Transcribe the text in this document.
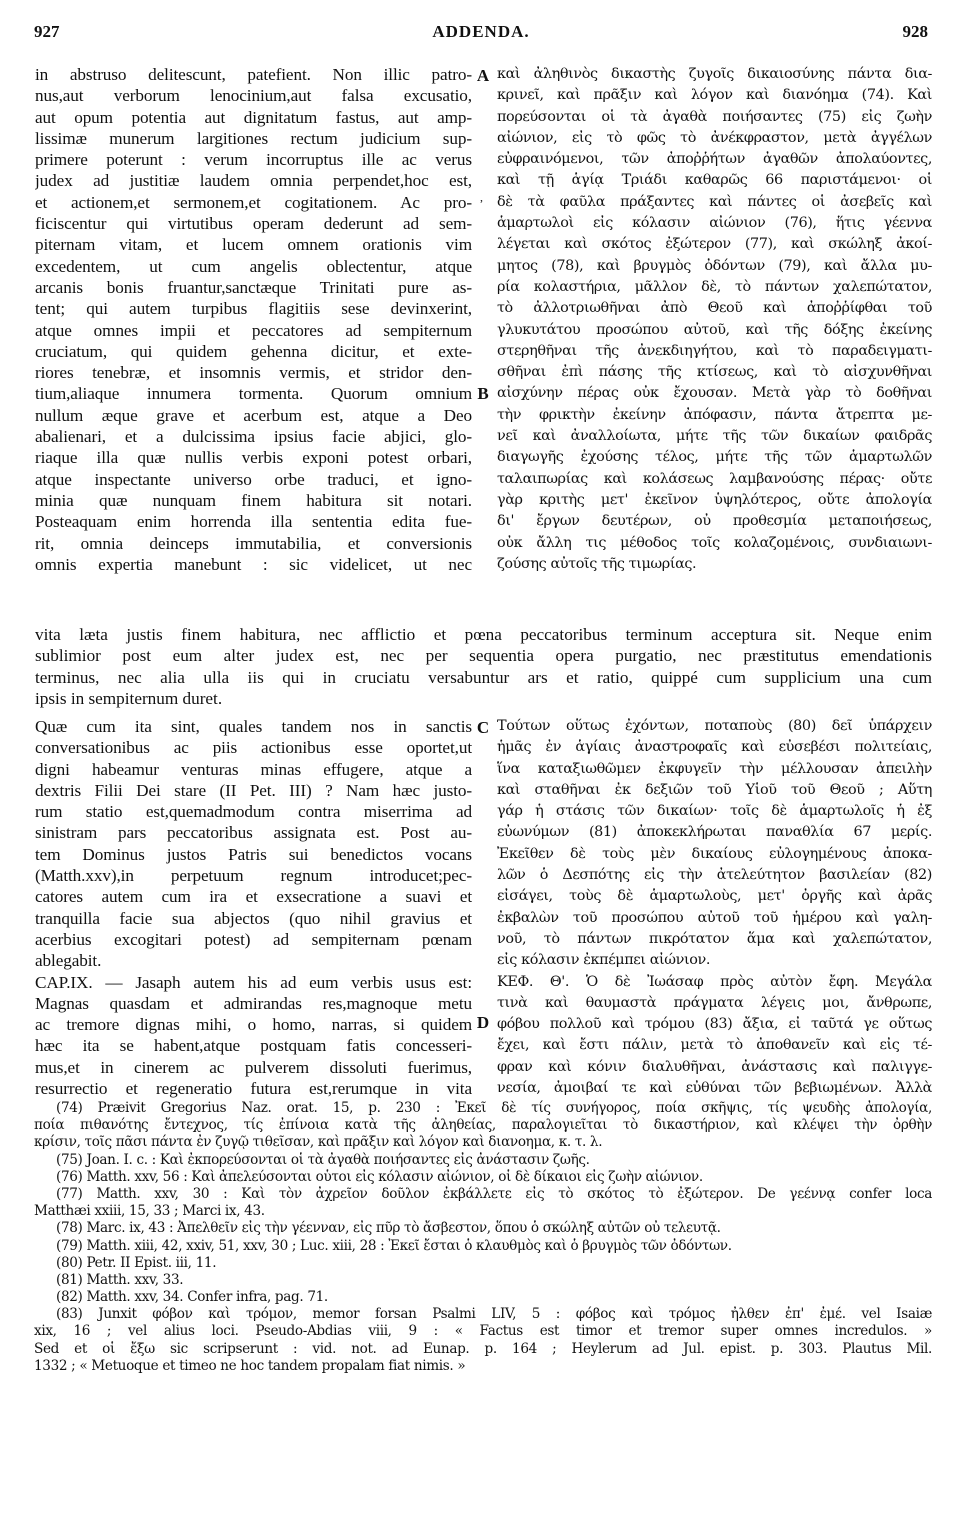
927	ADDENDA.	928
in abstruso delitescunt, patefient. Non illic patro-
nus,aut verborum lenocinium,aut falsa excusatio,
aut opum potentia aut dignitatum fastus, aut amp-
lissimæ munerum largitiones rectum judicium sup-
primere poterunt : verum incorruptus ille ac verus
judex ad justitiæ laudem omnia perpendet,hoc est,
et actionem,et sermonem,et cogitationem. Ac pro-
ficiscentur qui virtutibus operam dederunt ad sem-
piternam vitam, et lucem omnem orationis vim
excedentem, ut cum angelis oblectentur, atque
arcanis bonis fruantur,sanctæque Trinitati pure as-
tent; qui autem turpibus flagitiis sese devinxerint,
atque omnes impii et peccatores ad sempiternum
cruciatum, qui quidem gehenna dicitur, et exte-
riores tenebræ, et insomnis vermis, et stridor den-
tium,aliaque innumera tormenta. Quorum omnium
nullum æque grave et acerbum est, atque a Deo
abalienari, et a dulcissima ipsius facie abjici, glo-
riaque illa quæ nullis verbis exponi potest orbari,
atque inspectante universo orbe traduci, et igno-
minia quæ nunquam finem habitura sit notari.
Posteaquam enim horrenda illa sententia edita fue-
rit, omnia deinceps immutabilia, et conversionis
omnis expertia manebunt : sic videlicet, ut nec
καὶ ἀληθινὸς δικαστὴς ζυγοῖς δικαιοσύνης πάντα δια-
κρινεῖ, καὶ πρᾶξιν καὶ λόγον καὶ διανόημα (74). Καὶ
πορεύσονται οἱ τὰ ἀγαθὰ ποιήσαντες (75) εἰς ζωὴν
αἰώνιον, εἰς τὸ φῶς τὸ ἀνέκφραστον, μετὰ ἀγγέλων
εὐφραινόμενοι, τῶν ἀποῤῥήτων ἀγαθῶν ἀπολαύοντες,
καὶ τῇ ἁγίᾳ Τριάδι καθαρῶς 66 παριστάμενοι· οἱ
δὲ τὰ φαῦλα πράξαντες καὶ πάντες οἱ ἀσεβεῖς καὶ
ἁμαρτωλοὶ εἰς κόλασιν αἰώνιον (76), ἥτις γέεννα
λέγεται καὶ σκότος ἐξώτερον (77), καὶ σκώληξ ἀκοί-
μητος (78), καὶ βρυγμὸς ὀδόντων (79), καὶ ἄλλα μυ-
ρία κολαστήρια, μᾶλλον δὲ, τὸ πάντων χαλεπώτατον,
τὸ ἀλλοτριωθῆναι ἀπὸ Θεοῦ καὶ ἀποῤῥίφθαι τοῦ
γλυκυτάτου προσώπου αὐτοῦ, καὶ τῆς δόξης ἐκείνης
στερηθῆναι τῆς ἀνεκδιηγήτου, καὶ τὸ παραδειγματι-
σθῆναι ἐπὶ πάσης τῆς κτίσεως, καὶ τὸ αἰσχυνθῆναι
αἰσχύνην πέρας οὐκ ἔχουσαν. Μετὰ γὰρ τὸ δοθῆναι
τὴν φρικτὴν ἐκείνην ἀπόφασιν, πάντα ἄτρεπτα με-
νεῖ καὶ ἀναλλοίωτα, μήτε τῆς τῶν δικαίων φαιδρᾶς
διαγωγῆς ἐχούσης τέλος, μήτε τῆς τῶν ἁμαρτωλῶν
ταλαιπωρίας καὶ κολάσεως λαμβανούσης πέρας· οὔτε
γὰρ κριτὴς μετ' ἐκεῖνον ὑψηλότερος, οὔτε ἀπολογία
δι' ἔργων δευτέρων, οὐ προθεσμία μεταποιήσεως,
οὐκ ἄλλη τις μέθοδος τοῖς κολαζομένοις, συνδιαιωνι-
ζούσης αὐτοῖς τῆς τιμωρίας.
vita læta justis finem habitura, nec afflictio et pœna peccatoribus terminum acceptura sit. Neque enim
sublimior post eum alter judex est, nec per sequentia opera purgatio, nec præstitutus emendationis
terminus, nec alia ulla iis qui in cruciatu versabuntur ars et ratio, quippé cum supplicium una cum
ipsis in sempiternum duret.
Quæ cum ita sint, quales tandem nos in sanctis
conversationibus ac piis actionibus esse oportet,ut
digni habeamur venturas minas effugere, atque a
dextris Filii Dei stare (II Pet. III) ? Nam hæc justo-
rum statio est,quemadmodum contra miserrima ad
sinistram pars peccatoribus assignata est. Post au-
tem Dominus justos Patris sui benedictos vocans
(Matth.xxv),in perpetuum regnum introducet;pec-
catores autem cum ira et exsecratione a suavi et
tranquilla facie sua abjectos (quo nihil gravius et
acerbius excogitari potest) ad sempiternam pœnam
ablegabit.
CAP.IX. — Jasaph autem his ad eum verbis usus est:
Magnas quasdam et admirandas res,magnoque metu
ac tremore dignas mihi, o homo, narras, si quidem
hæc ita se habent,atque postquam fatis concesseri-
mus,et in cinerem ac pulverem dissoluti fuerimus,
resurrectio et regeneratio futura est,rerumque in vita
Τούτων οὕτως ἐχόντων, ποταποὺς (80) δεῖ ὑπάρχειν
ἡμᾶς ἐν ἁγίαις ἀναστροφαῖς καὶ εὐσεβέσι πολιτείαις,
ἵνα καταξιωθῶμεν ἐκφυγεῖν τὴν μέλλουσαν ἀπειλὴν
καὶ σταθῆναι ἐκ δεξιῶν τοῦ Υἱοῦ τοῦ Θεοῦ ; Αὕτη
γάρ ἡ στάσις τῶν δικαίων· τοῖς δὲ ἁμαρτωλοῖς ἡ ἐξ
εὐωνύμων (81) ἀποκεκλήρωται παναθλία 67 μερίς.
Ἐκεῖθεν δὲ τοὺς μὲν δικαίους εὐλογημένους ἀποκα-
λῶν ὁ Δεσπότης εἰς τὴν ἀτελεύτητον βασιλείαν (82)
εἰσάγει, τοὺς δὲ ἁμαρτωλοὺς, μετ' ὀργῆς καὶ ἀρᾶς
ἐκβαλὼν τοῦ προσώπου αὐτοῦ τοῦ ἡμέρου καὶ γαλη-
νοῦ, τὸ πάντων πικρότατον ἅμα καὶ χαλεπώτατον,
εἰς κόλασιν ἐκπέμπει αἰώνιον.
ΚΕΦ. Θ'. Ὁ δὲ Ἰωάσαφ πρὸς αὐτὸν ἔφη. Μεγάλα
τινὰ καὶ θαυμαστὰ πράγματα λέγεις μοι, ἄνθρωπε,
φόβου πολλοῦ καὶ τρόμου (83) ἄξια, εἰ ταῦτά γε οὕτως
ἔχει, καὶ ἔστι πάλιν, μετὰ τὸ ἀποθανεῖν καὶ εἰς τέ-
φραν καὶ κόνιν διαλυθῆναι, ἀνάστασις καὶ παλιγγε-
νεσία, ἀμοιβαί τε καὶ εὐθύναι τῶν βεβιωμένων. Ἀλλὰ
A
,
B
C
D
(74) Præivit Gregorius Naz. orat. 15, p. 230 : Ἐκεῖ δὲ τίς συνήγορος, ποία σκῆψις, τίς ψευδὴς ἀπολογία,
ποία πιθανότης ἔντεχνος, τίς ἐπίνοια κατὰ τῆς ἀληθείας, παραλογιεῖται τὸ δικαστήριον, καὶ κλέψει τὴν ὀρθὴν
κρίσιν, τοῖς πᾶσι πάντα ἐν ζυγῷ τιθεῖσαν, καὶ πρᾶξιν καὶ λόγον καὶ διανοημα, κ. τ. λ.
(75) Joan. I. c. : Καὶ ἐκπορεύσονται οἱ τὰ ἀγαθὰ ποιήσαντες εἰς ἀνάστασιν ζωῆς.
(76) Matth. xxv, 56 : Καὶ ἀπελεύσονται οὗτοι εἰς κόλασιν αἰώνιον, οἱ δὲ δίκαιοι εἰς ζωὴν αἰώνιον.
(77) Matth. xxv, 30 : Καὶ τὸν ἀχρεῖον δοῦλον ἐκβάλλετε εἰς τὸ σκότος τὸ ἐξώτερον. De γεέννᾳ confer loca
Matthæi xxiii, 15, 33 ; Marci ix, 43.
(78) Marc. ix, 43 : Ἀπελθεῖν εἰς τὴν γέενναν, εἰς πῦρ τὸ ἄσβεστον, ὅπου ὁ σκώληξ αὐτῶν οὐ τελευτᾷ.
(79) Matth. xiii, 42, xxiv, 51, xxv, 30 ; Luc. xiii, 28 : Ἐκεῖ ἔσται ὁ κλαυθμὸς καὶ ὁ βρυγμὸς τῶν ὀδόντων.
(80) Petr. II Epist. iii, 11.
(81) Matth. xxv, 33.
(82) Matth. xxv, 34. Confer infra, pag. 71.
(83) Junxit φόβον καὶ τρόμον, memor forsan Psalmi LIV, 5 : φόβος καὶ τρόμος ἦλθεν ἐπ' ἐμέ. vel Isaiæ
xix, 16 ; vel alius loci. Pseudo-Abdias viii, 9 : « Factus est timor et tremor super omnes incredulos. »
Sed et οἱ ἔξω sic scripserunt : vid. not. ad Eunap. p. 164 ; Heylerum ad Jul. epist. p. 303. Plautus Mil.
1332 ; « Metuoque et timeo ne hoc tandem propalam fiat nimis. »
